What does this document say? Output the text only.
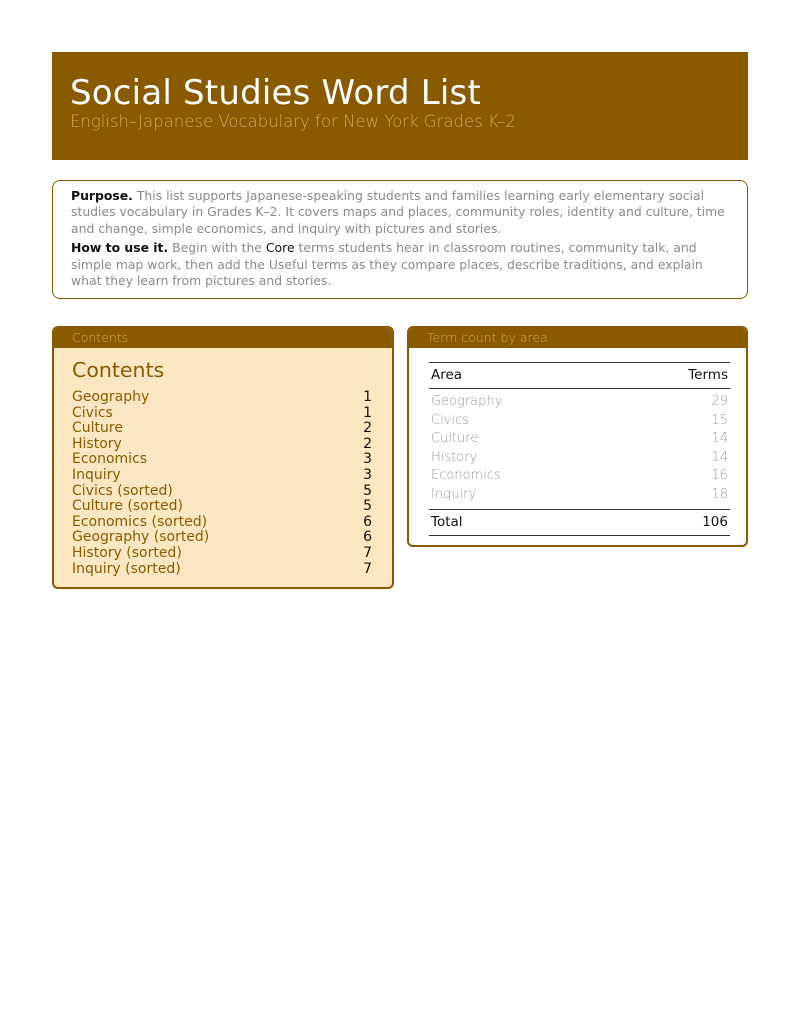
Social Studies Word List
English–Japanese Vocabulary for New York Grades K–2

Purpose. This list supports Japanese-speaking students and families learning early elementary social studies vocabulary in Grades K–2. It covers maps and places, community roles, identity and culture, time and change, simple economics, and inquiry with pictures and stories.

How to use it. Begin with the Core terms students hear in classroom routines, community talk, and simple map work, then add the Useful terms as they compare places, describe traditions, and explain what they learn from pictures and stories.

Contents
Contents
Geography	1
Civics	1
Culture	2
History	2
Economics	3
Inquiry	3
Civics (sorted)	5
Culture (sorted)	5
Economics (sorted)	6
Geography (sorted)	6
History (sorted)	7
Inquiry (sorted)	7
Term count by area
Area	Terms
Geography	29
Civics	15
Culture	14
History	14
Economics	16
Inquiry	18
Total	106
